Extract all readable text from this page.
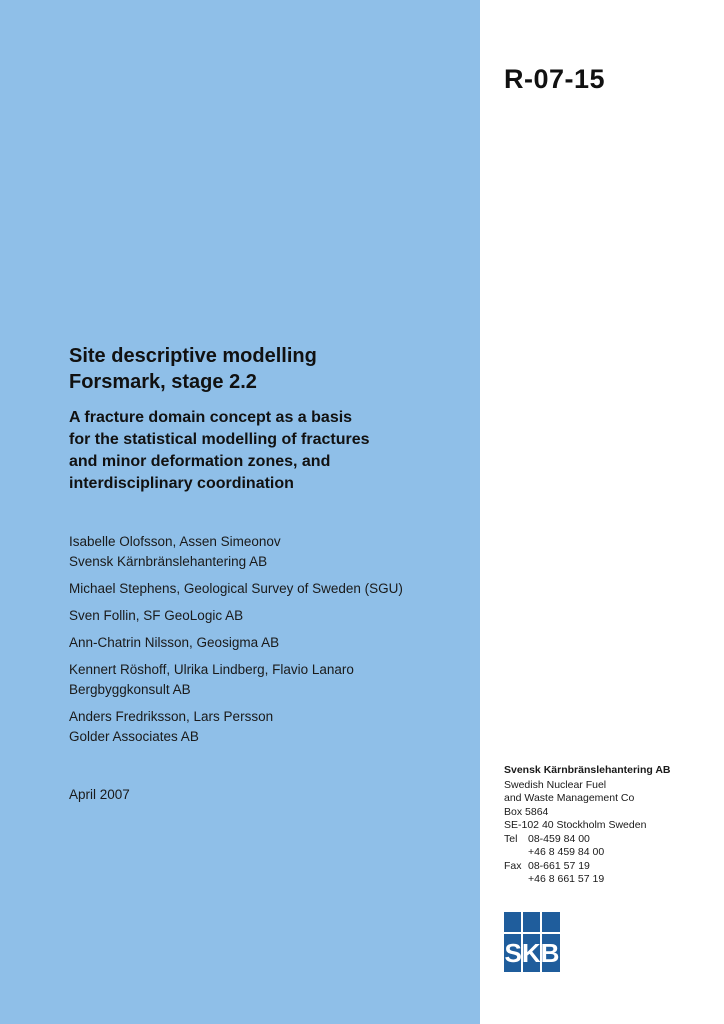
R-07-15
Site descriptive modelling
Forsmark, stage 2.2
A fracture domain concept as a basis
for the statistical modelling of fractures
and minor deformation zones, and
interdisciplinary coordination
Isabelle Olofsson, Assen Simeonov
Svensk Kärnbränslehantering AB
Michael Stephens, Geological Survey of Sweden (SGU)
Sven Follin, SF GeoLogic AB
Ann-Chatrin Nilsson, Geosigma AB
Kennert Röshoff, Ulrika Lindberg, Flavio Lanaro
Bergbyggkonsult AB
Anders Fredriksson, Lars Persson
Golder Associates AB
April 2007
Svensk Kärnbränslehantering AB
Swedish Nuclear Fuel
and Waste Management Co
Box 5864
SE-102 40 Stockholm Sweden
Tel 08-459 84 00
+46 8 459 84 00
Fax 08-661 57 19
+46 8 661 57 19
SKB
